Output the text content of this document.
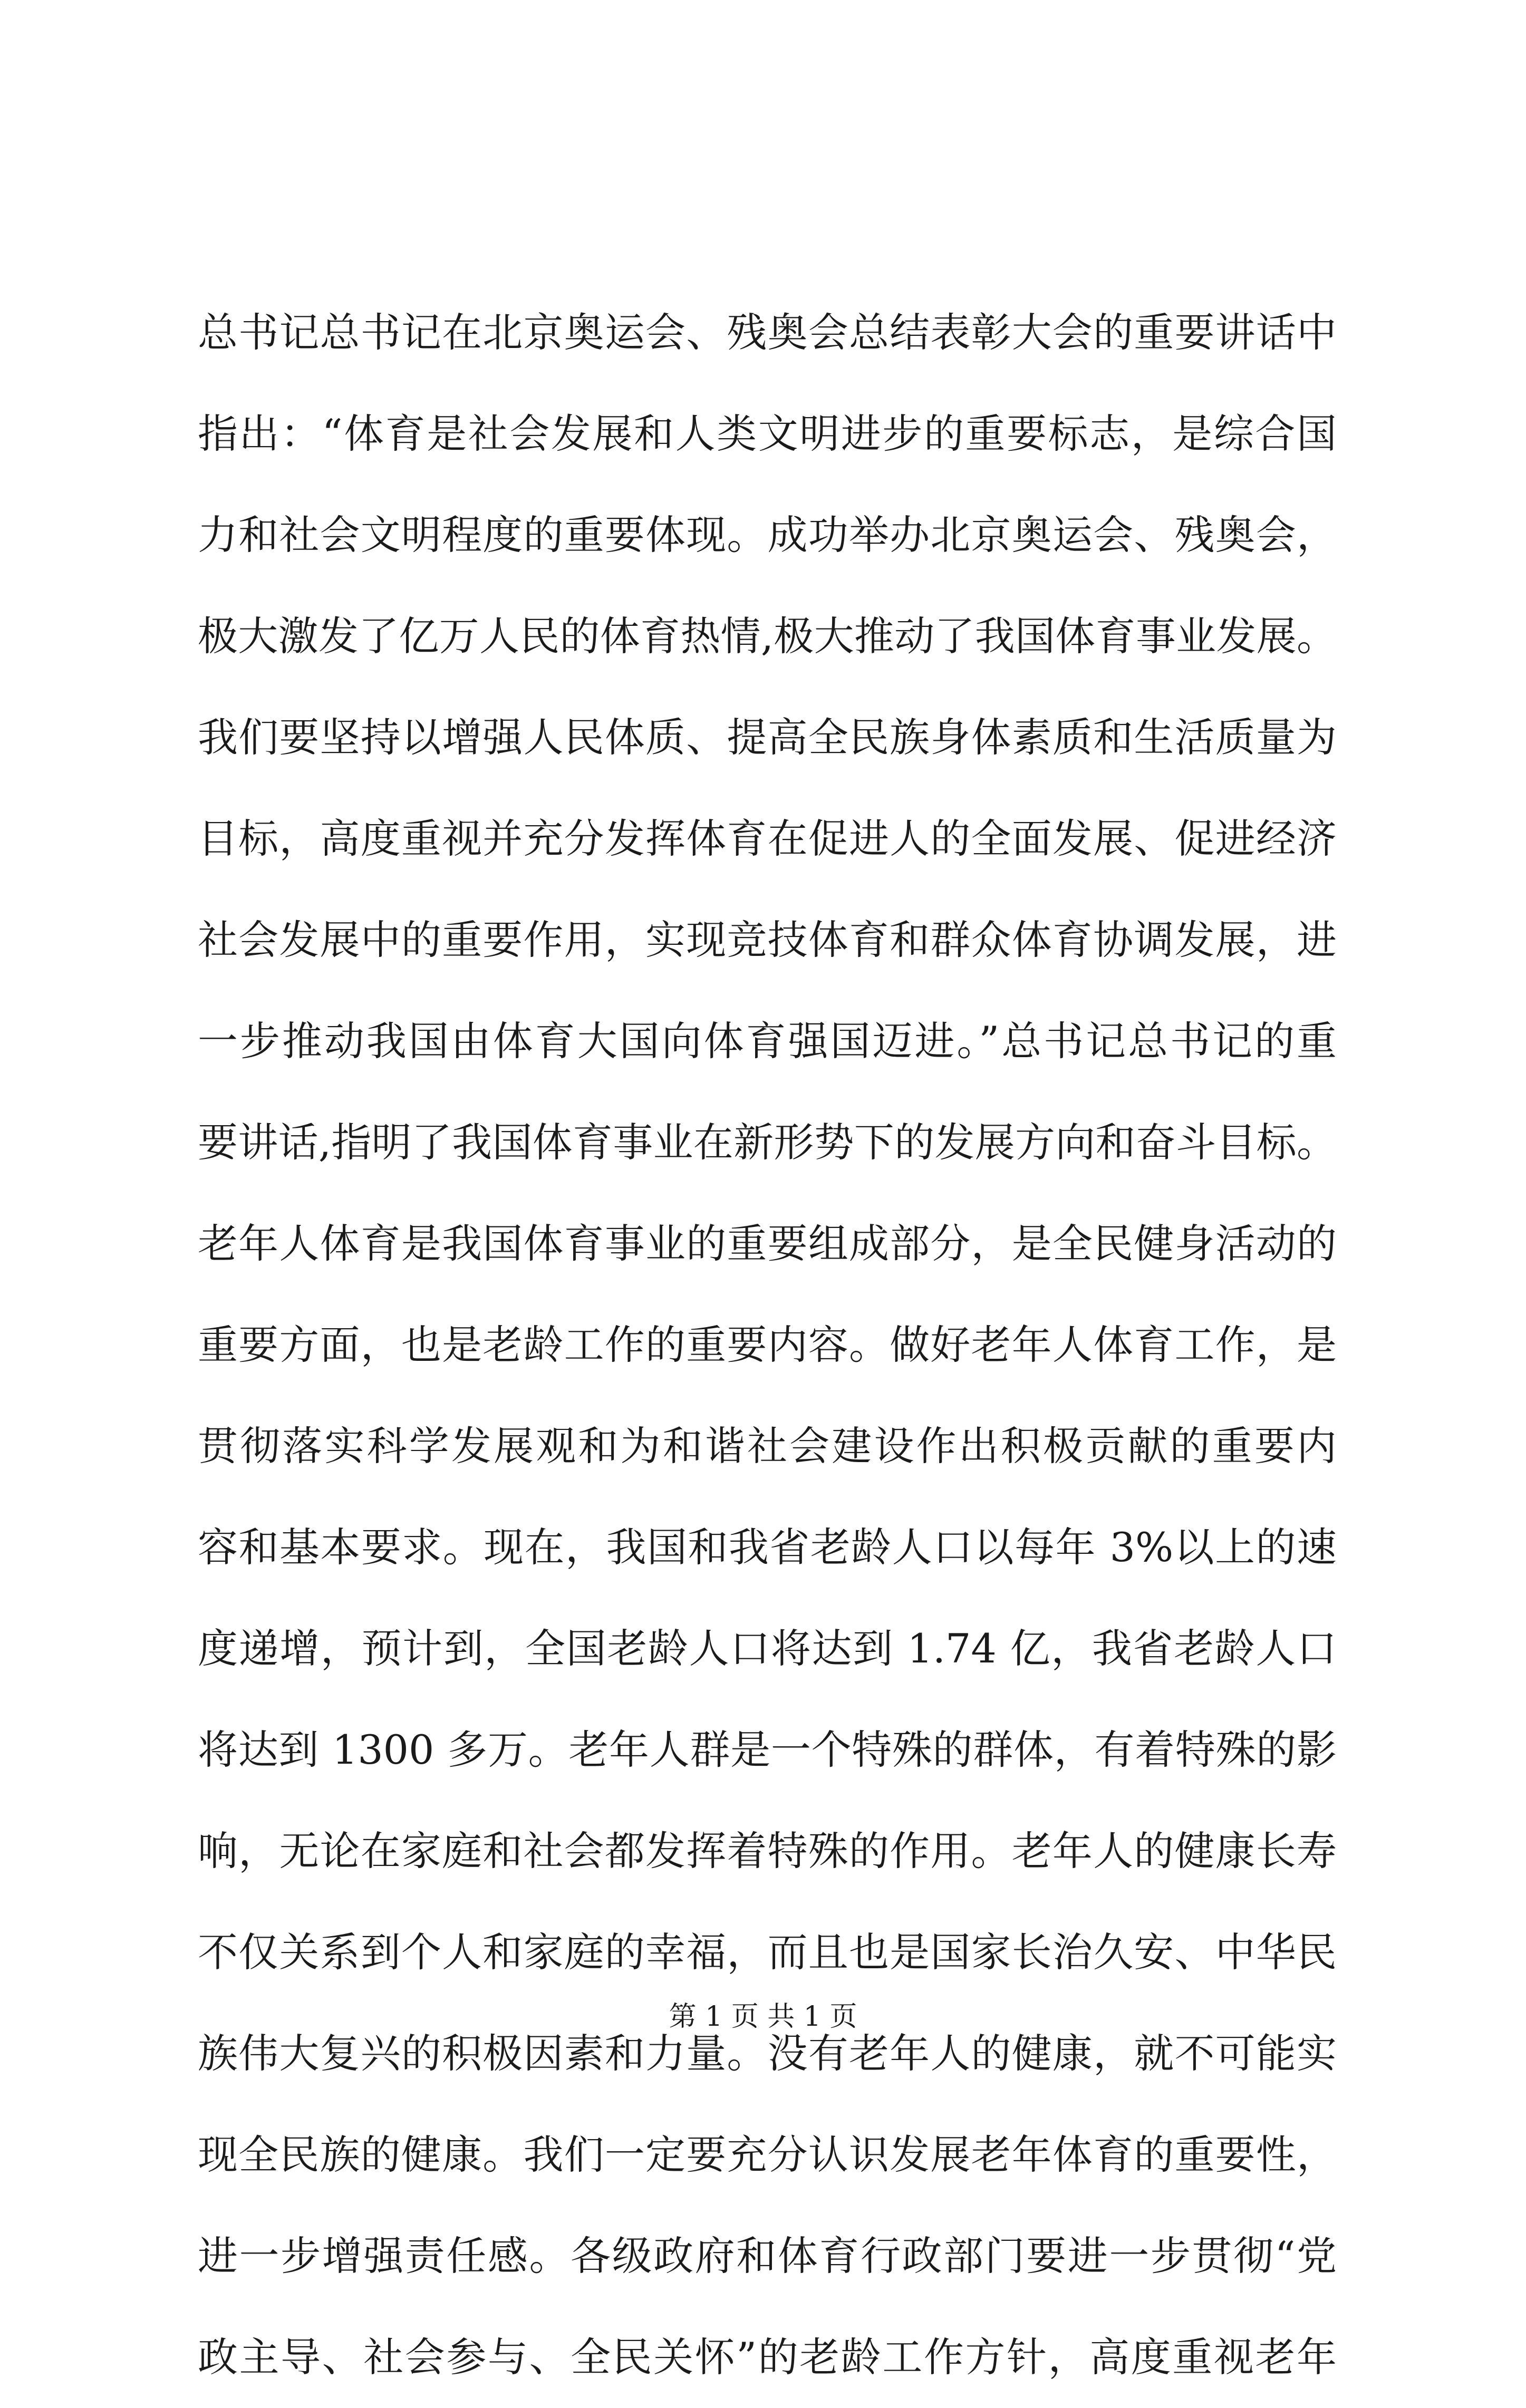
总书记总书记在北京奥运会、残奥会总结表彰大会的重要讲话中
指出：“体育是社会发展和人类文明进步的重要标志，是综合国
力和社会文明程度的重要体现。成功举办北京奥运会、残奥会，
极大激发了亿万人民的体育热情,极大推动了我国体育事业发展。
我们要坚持以增强人民体质、提高全民族身体素质和生活质量为
目标，高度重视并充分发挥体育在促进人的全面发展、促进经济
社会发展中的重要作用，实现竞技体育和群众体育协调发展，进
一步推动我国由体育大国向体育强国迈进。”总书记总书记的重
要讲话,指明了我国体育事业在新形势下的发展方向和奋斗目标。
老年人体育是我国体育事业的重要组成部分，是全民健身活动的
重要方面，也是老龄工作的重要内容。做好老年人体育工作，是
贯彻落实科学发展观和为和谐社会建设作出积极贡献的重要内
容和基本要求。现在，我国和我省老龄人口以每年 3%以上的速
度递增，预计到，全国老龄人口将达到 1.74 亿，我省老龄人口
将达到 1300 多万。老年人群是一个特殊的群体，有着特殊的影
响，无论在家庭和社会都发挥着特殊的作用。老年人的健康长寿
不仅关系到个人和家庭的幸福，而且也是国家长治久安、中华民
族伟大复兴的积极因素和力量。没有老年人的健康，就不可能实
现全民族的健康。我们一定要充分认识发展老年体育的重要性，
进一步增强责任感。各级政府和体育行政部门要进一步贯彻“党
政主导、社会参与、全民关怀”的老龄工作方针，高度重视老年
第 1 页 共 1 页
